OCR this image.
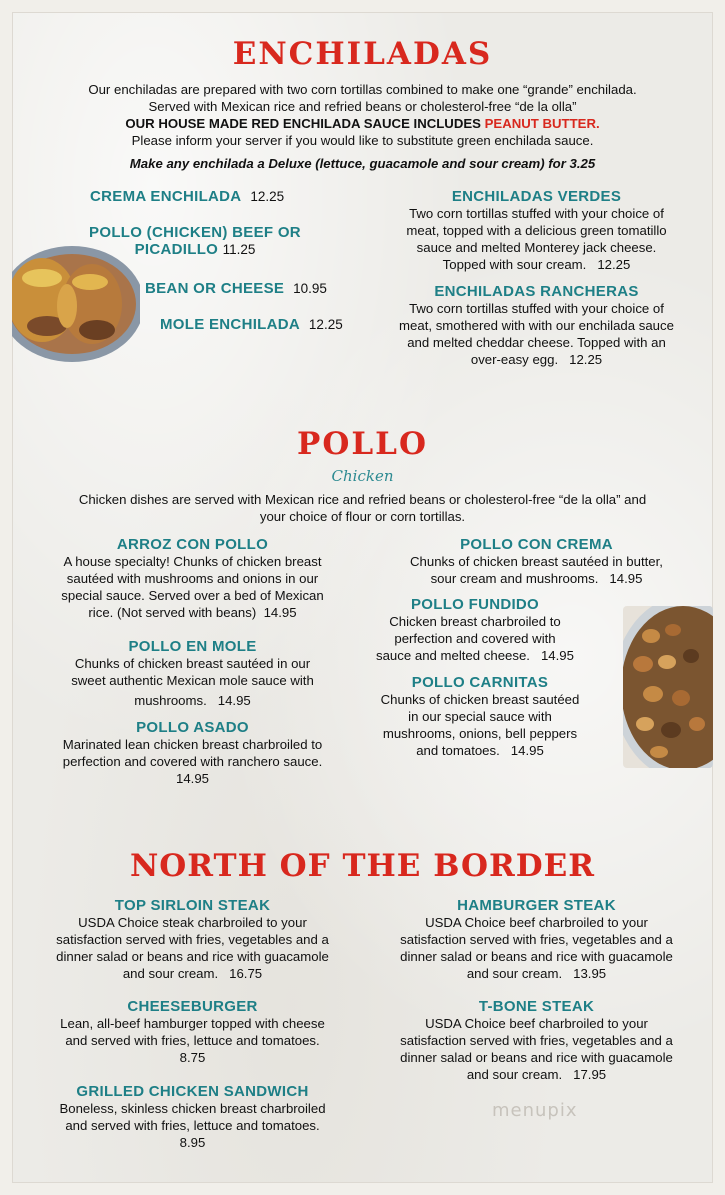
ENCHILADAS
Our enchiladas are prepared with two corn tortillas combined to make one “grande” enchilada.
Served with Mexican rice and refried beans or cholesterol-free “de la olla”
OUR HOUSE MADE RED ENCHILADA SAUCE INCLUDES PEANUT BUTTER.
Please inform your server if you would like to substitute green enchilada sauce.
Make any enchilada a Deluxe (lettuce, guacamole and sour cream) for 3.25
CREMA ENCHILADA 12.25
POLLO (CHICKEN) BEEF OR
PICADILLO 11.25
BEAN OR CHEESE 10.95
MOLE ENCHILADA 12.25
ENCHILADAS VERDES
Two corn tortillas stuffed with your choice of
meat, topped with a delicious green tomatillo
sauce and melted Monterey jack cheese.
Topped with sour cream. 12.25
ENCHILADAS RANCHERAS
Two corn tortillas stuffed with your choice of
meat, smothered with with our enchilada sauce
and melted cheddar cheese. Topped with an
over-easy egg. 12.25
POLLO
Chicken
Chicken dishes are served with Mexican rice and refried beans or cholesterol-free “de la olla” and
your choice of flour or corn tortillas.
ARROZ CON POLLO
A house specialty! Chunks of chicken breast
sautéed with mushrooms and onions in our
special sauce. Served over a bed of Mexican
rice. (Not served with beans) 14.95
POLLO EN MOLE
Chunks of chicken breast sautéed in our
sweet authentic Mexican mole sauce with
mushrooms. 14.95
POLLO ASADO
Marinated lean chicken breast charbroiled to
perfection and covered with ranchero sauce.
14.95
POLLO CON CREMA
Chunks of chicken breast sautéed in butter,
sour cream and mushrooms. 14.95
POLLO FUNDIDO
Chicken breast charbroiled to
perfection and covered with
sauce and melted cheese. 14.95
POLLO CARNITAS
Chunks of chicken breast sautéed
in our special sauce with
mushrooms, onions, bell peppers
and tomatoes. 14.95
NORTH OF THE BORDER
TOP SIRLOIN STEAK
USDA Choice steak charbroiled to your
satisfaction served with fries, vegetables and a
dinner salad or beans and rice with guacamole
and sour cream. 16.75
CHEESEBURGER
Lean, all-beef hamburger topped with cheese
and served with fries, lettuce and tomatoes.
8.75
GRILLED CHICKEN SANDWICH
Boneless, skinless chicken breast charbroiled
and served with fries, lettuce and tomatoes.
8.95
HAMBURGER STEAK
USDA Choice beef charbroiled to your
satisfaction served with fries, vegetables and a
dinner salad or beans and rice with guacamole
and sour cream. 13.95
T-BONE STEAK
USDA Choice beef charbroiled to your
satisfaction served with fries, vegetables and a
dinner salad or beans and rice with guacamole
and sour cream. 17.95
menupix
